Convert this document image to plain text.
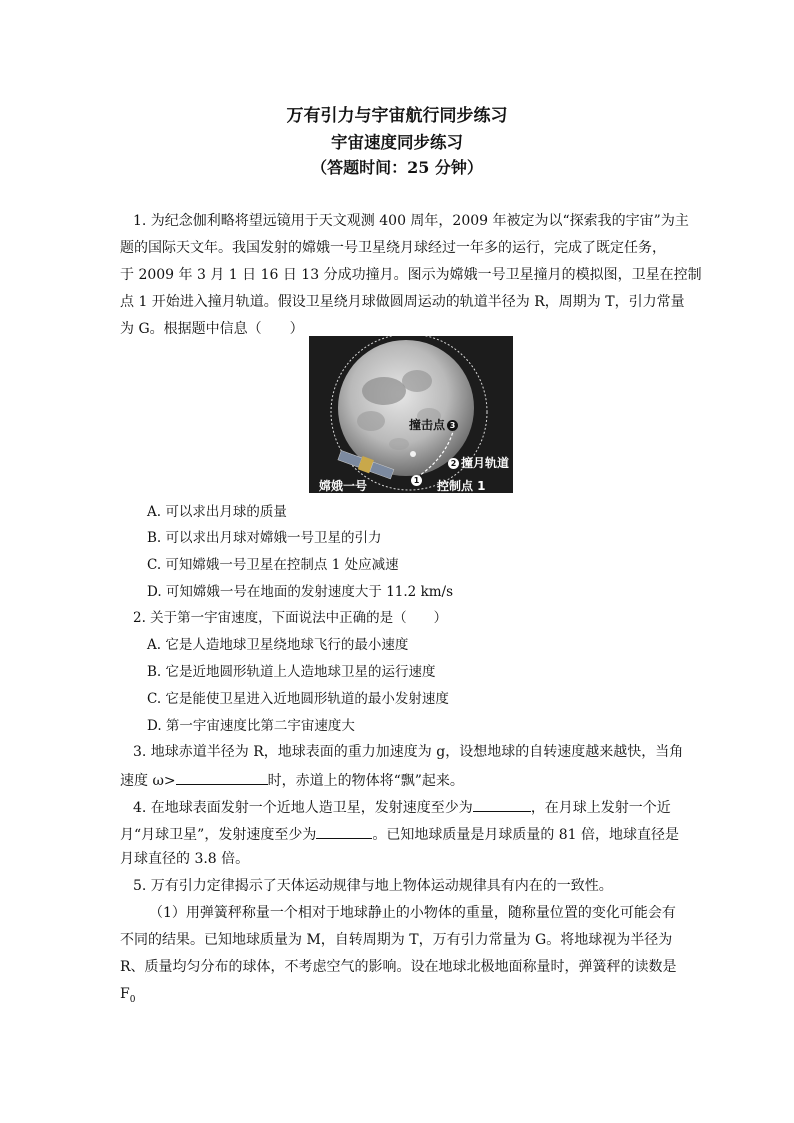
万有引力与宇宙航行同步练习
宇宙速度同步练习
（答题时间：25 分钟）
1. 为纪念伽利略将望远镜用于天文观测 400 周年，2009 年被定为以“探索我的宇宙”为主
题的国际天文年。我国发射的嫦娥一号卫星绕月球经过一年多的运行，完成了既定任务，
于 2009 年 3 月 1 日 16 日 13 分成功撞月。图示为嫦娥一号卫星撞月的模拟图，卫星在控制
点 1 开始进入撞月轨道。假设卫星绕月球做圆周运动的轨道半径为 R，周期为 T，引力常量
为 G。根据题中信息（　　）
撞击点 3
2 撞月轨道
嫦娥一号	1	控制点 1
A. 可以求出月球的质量
B. 可以求出月球对嫦娥一号卫星的引力
C. 可知嫦娥一号卫星在控制点 1 处应减速
D. 可知嫦娥一号在地面的发射速度大于 11.2 km/s
2. 关于第一宇宙速度，下面说法中正确的是（　　）
A. 它是人造地球卫星绕地球飞行的最小速度
B. 它是近地圆形轨道上人造地球卫星的运行速度
C. 它是能使卫星进入近地圆形轨道的最小发射速度
D. 第一宇宙速度比第二宇宙速度大
3. 地球赤道半径为 R，地球表面的重力加速度为 g，设想地球的自转速度越来越快，当角
速度 ω>	时，赤道上的物体将“飘”起来。
4. 在地球表面发射一个近地人造卫星，发射速度至少为	，在月球上发射一个近
月“月球卫星”，发射速度至少为	。已知地球质量是月球质量的 81 倍，地球直径是
月球直径的 3.8 倍。
5. 万有引力定律揭示了天体运动规律与地上物体运动规律具有内在的一致性。
（1）用弹簧秤称量一个相对于地球静止的小物体的重量，随称量位置的变化可能会有
不同的结果。已知地球质量为 M，自转周期为 T，万有引力常量为 G。将地球视为半径为
R、质量均匀分布的球体，不考虑空气的影响。设在地球北极地面称量时，弹簧秤的读数是
$F_0$
